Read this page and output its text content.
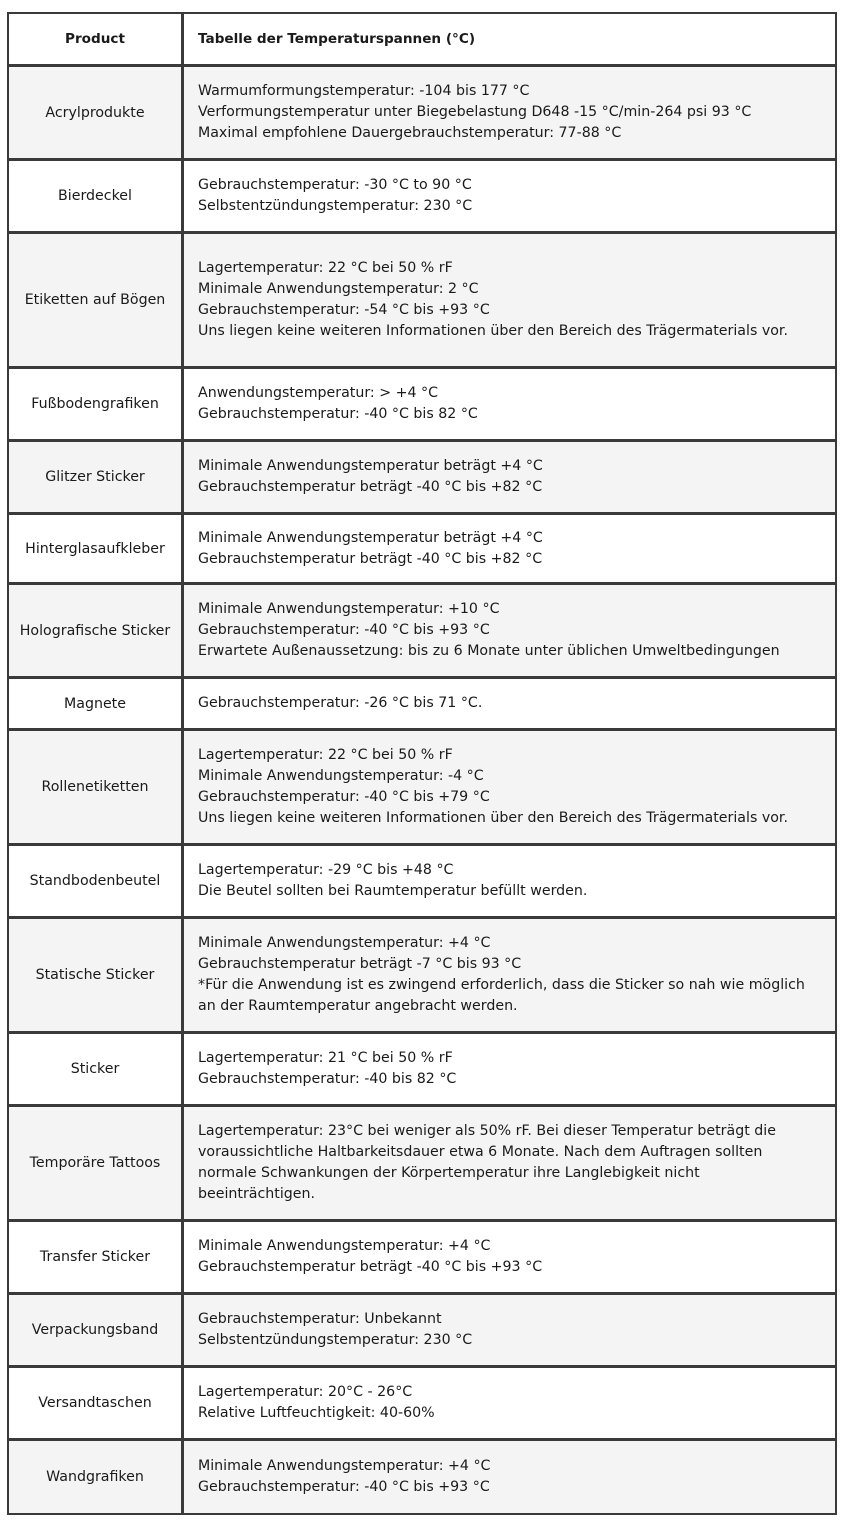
Product	Tabelle der Temperaturspannen (°C)
Acrylprodukte
Warmumformungstemperatur: -104 bis 177 °C
Verformungstemperatur unter Biegebelastung D648 -15 °C/min-264 psi 93 °C
Maximal empfohlene Dauergebrauchstemperatur: 77-88 °C
Bierdeckel
Gebrauchstemperatur: -30 °C to 90 °C
Selbstentzündungstemperatur: 230 °C
Etiketten auf Bögen
Lagertemperatur: 22 °C bei 50 % rF
Minimale Anwendungstemperatur: 2 °C
Gebrauchstemperatur: -54 °C bis +93 °C
Uns liegen keine weiteren Informationen über den Bereich des Trägermaterials vor.
Fußbodengrafiken
Anwendungstemperatur: > +4 °C
Gebrauchstemperatur: -40 °C bis 82 °C
Glitzer Sticker
Minimale Anwendungstemperatur beträgt +4 °C
Gebrauchstemperatur beträgt -40 °C bis +82 °C
Hinterglasaufkleber
Minimale Anwendungstemperatur beträgt +4 °C
Gebrauchstemperatur beträgt -40 °C bis +82 °C
Holografische Sticker
Minimale Anwendungstemperatur: +10 °C
Gebrauchstemperatur: -40 °C bis +93 °C
Erwartete Außenaussetzung: bis zu 6 Monate unter üblichen Umweltbedingungen
Magnete	Gebrauchstemperatur: -26 °C bis 71 °C.
Rollenetiketten
Lagertemperatur: 22 °C bei 50 % rF
Minimale Anwendungstemperatur: -4 °C
Gebrauchstemperatur: -40 °C bis +79 °C
Uns liegen keine weiteren Informationen über den Bereich des Trägermaterials vor.
Standbodenbeutel
Lagertemperatur: -29 °C bis +48 °C
Die Beutel sollten bei Raumtemperatur befüllt werden.
Statische Sticker
Minimale Anwendungstemperatur: +4 °C
Gebrauchstemperatur beträgt -7 °C bis 93 °C
*Für die Anwendung ist es zwingend erforderlich, dass die Sticker so nah wie möglich
an der Raumtemperatur angebracht werden.
Sticker
Lagertemperatur: 21 °C bei 50 % rF
Gebrauchstemperatur: -40 bis 82 °C
Temporäre Tattoos
Lagertemperatur: 23°C bei weniger als 50% rF. Bei dieser Temperatur beträgt die
voraussichtliche Haltbarkeitsdauer etwa 6 Monate. Nach dem Auftragen sollten
normale Schwankungen der Körpertemperatur ihre Langlebigkeit nicht
beeinträchtigen.
Transfer Sticker
Minimale Anwendungstemperatur: +4 °C
Gebrauchstemperatur beträgt -40 °C bis +93 °C
Verpackungsband
Gebrauchstemperatur: Unbekannt
Selbstentzündungstemperatur: 230 °C
Versandtaschen
Lagertemperatur: 20°C - 26°C
Relative Luftfeuchtigkeit: 40-60%
Wandgrafiken
Minimale Anwendungstemperatur: +4 °C
Gebrauchstemperatur: -40 °C bis +93 °C
